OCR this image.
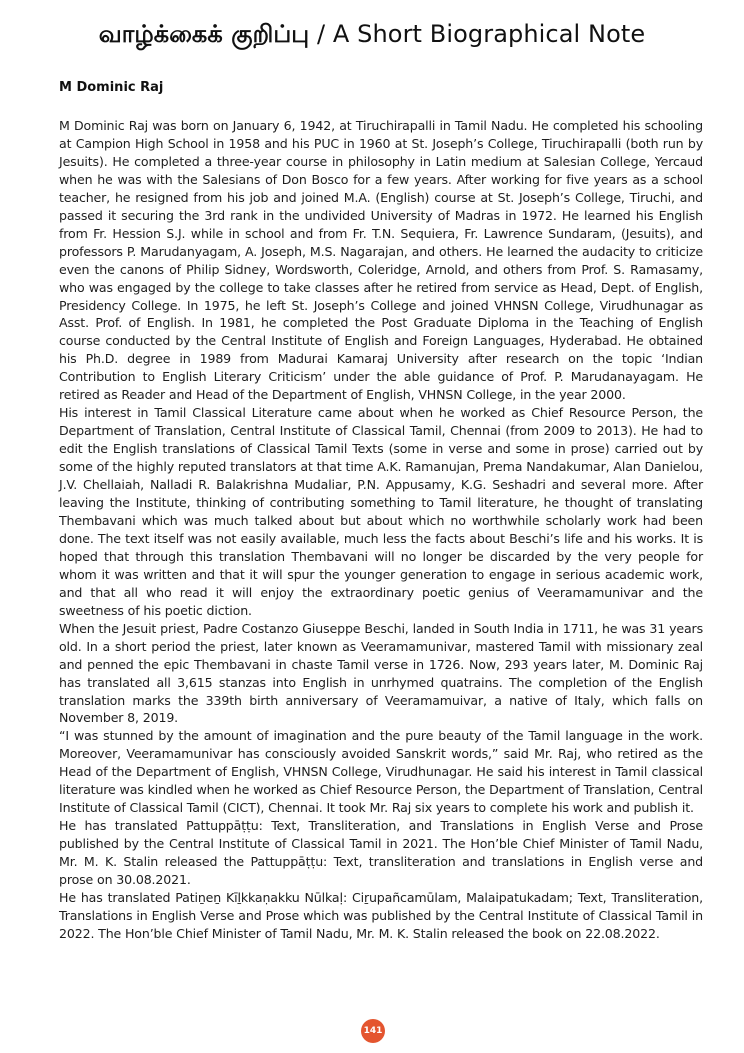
வாழ்க்கைக் குறிப்பு / A Short Biographical Note
M Dominic Raj

M Dominic Raj was born on January 6, 1942, at Tiruchirapalli in Tamil Nadu. He completed his schooling at Campion High School in 1958 and his PUC in 1960 at St. Joseph’s College, Tiruchirapalli (both run by Jesuits). He completed a three-year course in philosophy in Latin medium at Salesian College, Yercaud when he was with the Salesians of Don Bosco for a few years. After working for five years as a school teacher, he resigned from his job and joined M.A. (English) course at St. Joseph’s College, Tiruchi, and passed it securing the 3rd rank in the undivided University of Madras in 1972. He learned his English from Fr. Hession S.J. while in school and from Fr. T.N. Sequiera, Fr. Lawrence Sundaram, (Jesuits), and professors P. Marudanyagam, A. Joseph, M.S. Nagarajan, and others. He learned the audacity to criticize even the canons of Philip Sidney, Wordsworth, Coleridge, Arnold, and others from Prof. S. Ramasamy, who was engaged by the college to take classes after he retired from service as Head, Dept. of English, Presidency College. In 1975, he left St. Joseph’s College and joined VHNSN College, Virudhunagar as Asst. Prof. of English. In 1981, he completed the Post Graduate Diploma in the Teaching of English course conducted by the Central Institute of English and Foreign Languages, Hyderabad. He obtained his Ph.D. degree in 1989 from Madurai Kamaraj University after research on the topic ‘Indian Contribution to English Literary Criticism’ under the able guidance of Prof. P. Marudanayagam. He retired as Reader and Head of the Department of English, VHNSN College, in the year 2000.

His interest in Tamil Classical Literature came about when he worked as Chief Resource Person, the Department of Translation, Central Institute of Classical Tamil, Chennai (from 2009 to 2013). He had to edit the English translations of Classical Tamil Texts (some in verse and some in prose) carried out by some of the highly reputed translators at that time A.K. Ramanujan, Prema Nandakumar, Alan Danielou, J.V. Chellaiah, Nalladi R. Balakrishna Mudaliar, P.N. Appusamy, K.G. Seshadri and several more. After leaving the Institute, thinking of contributing something to Tamil literature, he thought of translating Thembavani which was much talked about but about which no worthwhile scholarly work had been done. The text itself was not easily available, much less the facts about Beschi’s life and his works. It is hoped that through this translation Thembavani will no longer be discarded by the very people for whom it was written and that it will spur the younger generation to engage in serious academic work, and that all who read it will enjoy the extraordinary poetic genius of Veeramamunivar and the sweetness of his poetic diction.

When the Jesuit priest, Padre Costanzo Giuseppe Beschi, landed in South India in 1711, he was 31 years old. In a short period the priest, later known as Veeramamunivar, mastered Tamil with missionary zeal and penned the epic Thembavani in chaste Tamil verse in 1726. Now, 293 years later, M. Dominic Raj has translated all 3,615 stanzas into English in unrhymed quatrains. The completion of the English translation marks the 339th birth anniversary of Veeramamuivar, a native of Italy, which falls on November 8, 2019.

“I was stunned by the amount of imagination and the pure beauty of the Tamil language in the work. Moreover, Veeramamunivar has consciously avoided Sanskrit words,” said Mr. Raj, who retired as the Head of the Department of English, VHNSN College, Virudhunagar. He said his interest in Tamil classical literature was kindled when he worked as Chief Resource Person, the Department of Translation, Central Institute of Classical Tamil (CICT), Chennai. It took Mr. Raj six years to complete his work and publish it.

He has translated Pattuppāṭṭu: Text, Transliteration, and Translations in English Verse and Prose published by the Central Institute of Classical Tamil in 2021. The Hon’ble Chief Minister of Tamil Nadu, Mr. M. K. Stalin released the Pattuppāṭṭu: Text, transliteration and translations in English verse and prose on 30.08.2021.

He has translated Patiṉeṉ Kīḻkkaṇakku Nūlkaḷ: Ciṟupañcamūlam, Malaipatukadam; Text, Transliteration, Translations in English Verse and Prose which was published by the Central Institute of Classical Tamil in 2022. The Hon’ble Chief Minister of Tamil Nadu, Mr. M. K. Stalin released the book on 22.08.2022.

141
